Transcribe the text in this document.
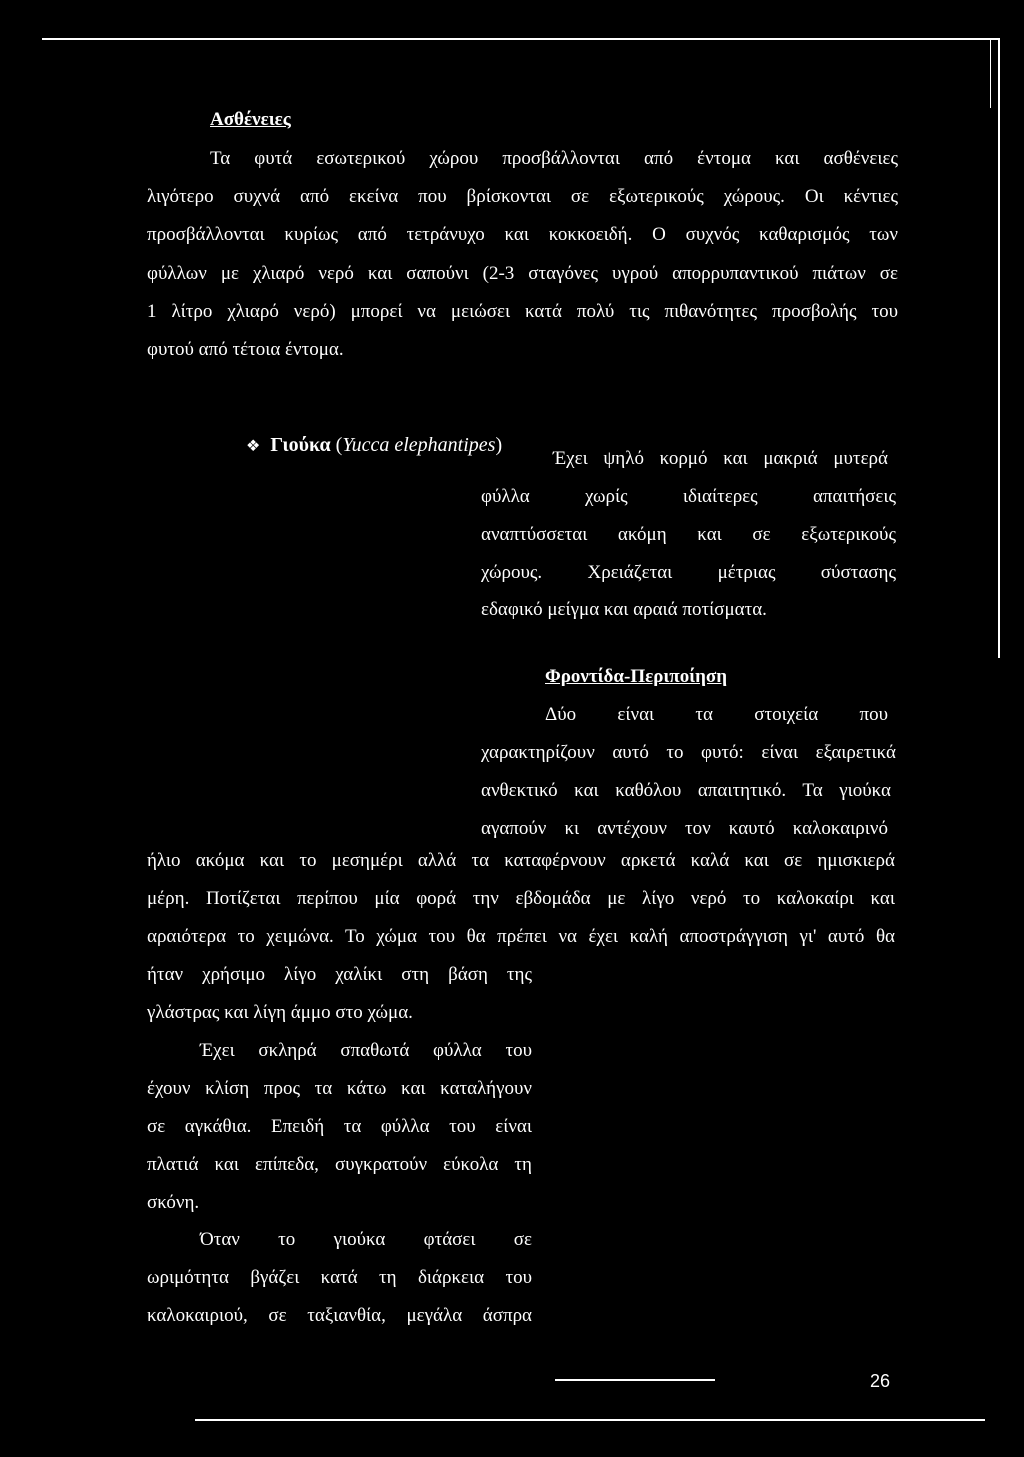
Ασθένειες
Τα φυτά εσωτερικού χώρου προσβάλλονται από έντομα και ασθένειες
λιγότερο συχνά από εκείνα που βρίσκονται σε εξωτερικούς χώρους. Οι κέντιες
προσβάλλονται κυρίως από τετράνυχο και κοκκοειδή. Ο συχνός καθαρισμός των
φύλλων με χλιαρό νερό και σαπούνι (2-3 σταγόνες υγρού απορρυπαντικού πιάτων σε
1 λίτρο χλιαρό νερό) μπορεί να μειώσει κατά πολύ τις πιθανότητες προσβολής του
φυτού από τέτοια έντομα.
❖ Γιούκα (Yucca elephantipes)
Έχει ψηλό κορμό και μακριά μυτερά
φύλλα χωρίς ιδιαίτερες απαιτήσεις
αναπτύσσεται ακόμη και σε εξωτερικούς
χώρους. Χρειάζεται μέτριας σύστασης
εδαφικό μείγμα και αραιά ποτίσματα.
Φροντίδα-Περιποίηση
Δύο είναι τα στοιχεία που
χαρακτηρίζουν αυτό το φυτό: είναι εξαιρετικά
ανθεκτικό και καθόλου απαιτητικό. Τα γιούκα
αγαπούν κι αντέχουν τον καυτό καλοκαιρινό
ήλιο ακόμα και το μεσημέρι αλλά τα καταφέρνουν αρκετά καλά και σε ημισκιερά
μέρη. Ποτίζεται περίπου μία φορά την εβδομάδα με λίγο νερό το καλοκαίρι και
αραιότερα το χειμώνα. Το χώμα του θα πρέπει να έχει καλή αποστράγγιση γι' αυτό θα
ήταν χρήσιμο λίγο χαλίκι στη βάση της
γλάστρας και λίγη άμμο στο χώμα.
Έχει σκληρά σπαθωτά φύλλα του
έχουν κλίση προς τα κάτω και καταλήγουν
σε αγκάθια. Επειδή τα φύλλα του είναι
πλατιά και επίπεδα, συγκρατούν εύκολα τη
σκόνη.
Όταν το γιούκα φτάσει σε
ωριμότητα βγάζει κατά τη διάρκεια του
καλοκαιριού, σε ταξιανθία, μεγάλα άσπρα
26
